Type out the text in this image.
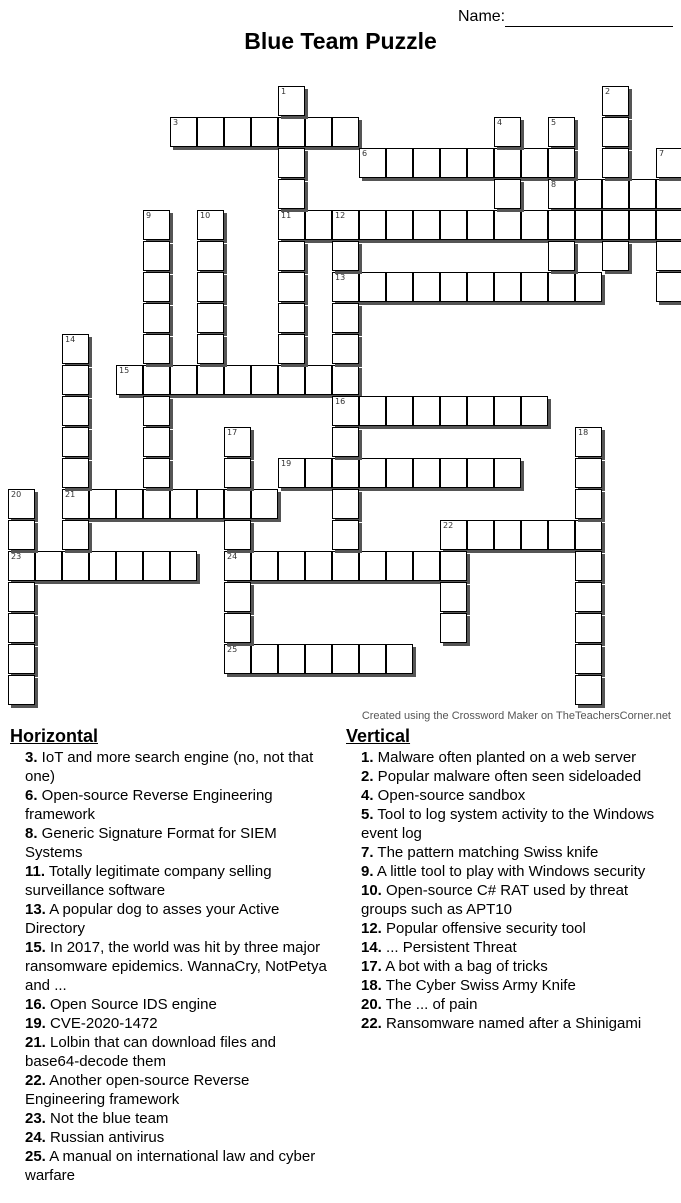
Name:
Blue Team Puzzle
3
6
8
11	12
13
15
16
19
21
22
23	24
25
1	2
4	5
7
9	10
14
17	18
20
Created using the Crossword Maker on TheTeachersCorner.net
Horizontal
3. IoT and more search engine (no, not that one)
6. Open-source Reverse Engineering framework
8. Generic Signature Format for SIEM Systems
11. Totally legitimate company selling surveillance software
13. A popular dog to asses your Active Directory
15. In 2017, the world was hit by three major ransomware epidemics. WannaCry, NotPetya and ...
16. Open Source IDS engine
19. CVE-2020-1472
21. Lolbin that can download files and base64-decode them
22. Another open-source Reverse Engineering framework
23. Not the blue team
24. Russian antivirus
25. A manual on international law and cyber warfare
Vertical
1. Malware often planted on a web server
2. Popular malware often seen sideloaded
4. Open-source sandbox
5. Tool to log system activity to the Windows event log
7. The pattern matching Swiss knife
9. A little tool to play with Windows security
10. Open-source C# RAT used by threat groups such as APT10
12. Popular offensive security tool
14. ... Persistent Threat
17. A bot with a bag of tricks
18. The Cyber Swiss Army Knife
20. The ... of pain
22. Ransomware named after a Shinigami
